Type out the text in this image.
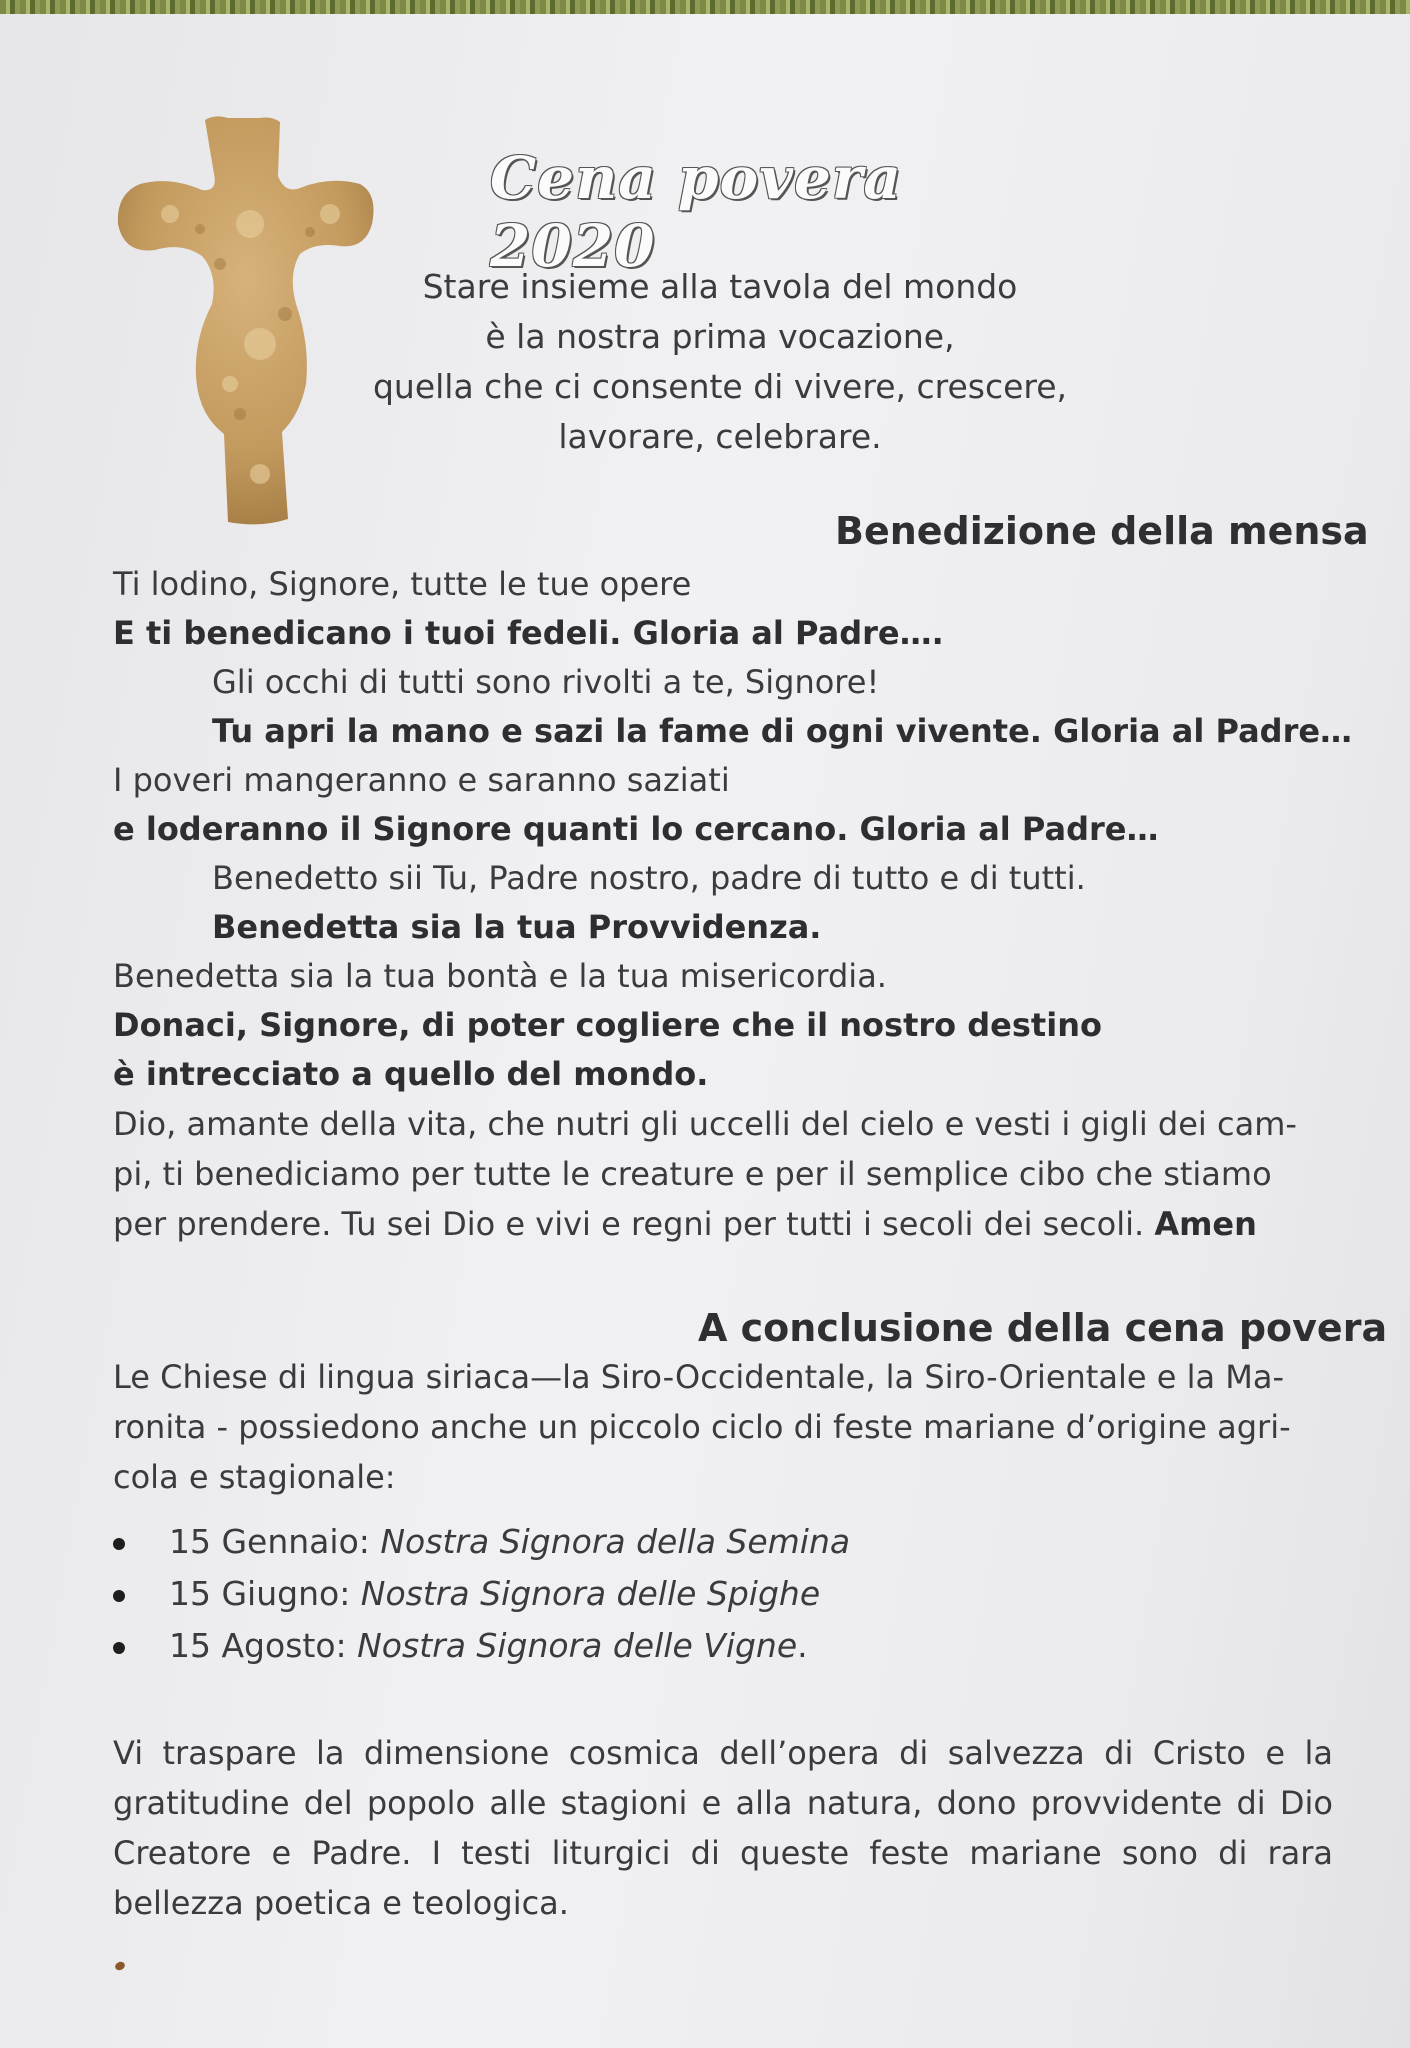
Cena povera 2020
Stare insieme alla tavola del mondo
è la nostra prima vocazione,
quella che ci consente di vivere, crescere,
lavorare, celebrare.
Benedizione della mensa
Ti lodino, Signore, tutte le tue opere
E ti benedicano i tuoi fedeli. Gloria al Padre….
Gli occhi di tutti sono rivolti a te, Signore!
Tu apri la mano e sazi la fame di ogni vivente. Gloria al Padre…
I poveri mangeranno e saranno saziati
e loderanno il Signore quanti lo cercano. Gloria al Padre…
Benedetto sii Tu, Padre nostro, padre di tutto e di tutti.
Benedetta sia la tua Provvidenza.
Benedetta sia la tua bontà e la tua misericordia.
Donaci, Signore, di poter cogliere che il nostro destino
è intrecciato a quello del mondo.
Dio, amante della vita, che nutri gli uccelli del cielo e vesti i gigli dei cam-
pi, ti benediciamo per tutte le creature e per il semplice cibo che stiamo
per prendere. Tu sei Dio e vivi e regni per tutti i secoli dei secoli. Amen
A conclusione della cena povera
Le Chiese di lingua siriaca—la Siro-Occidentale, la Siro-Orientale e la Ma-
ronita - possiedono anche un piccolo ciclo di feste mariane d’origine agri-
cola e stagionale:
15 Gennaio: Nostra Signora della Semina
15 Giugno: Nostra Signora delle Spighe
15 Agosto: Nostra Signora delle Vigne.
Vi traspare la dimensione cosmica dell’opera di salvezza di Cristo e la
gratitudine del popolo alle stagioni e alla natura, dono provvidente di Dio
Creatore e Padre. I testi liturgici di queste feste mariane sono di rara
bellezza poetica e teologica.
